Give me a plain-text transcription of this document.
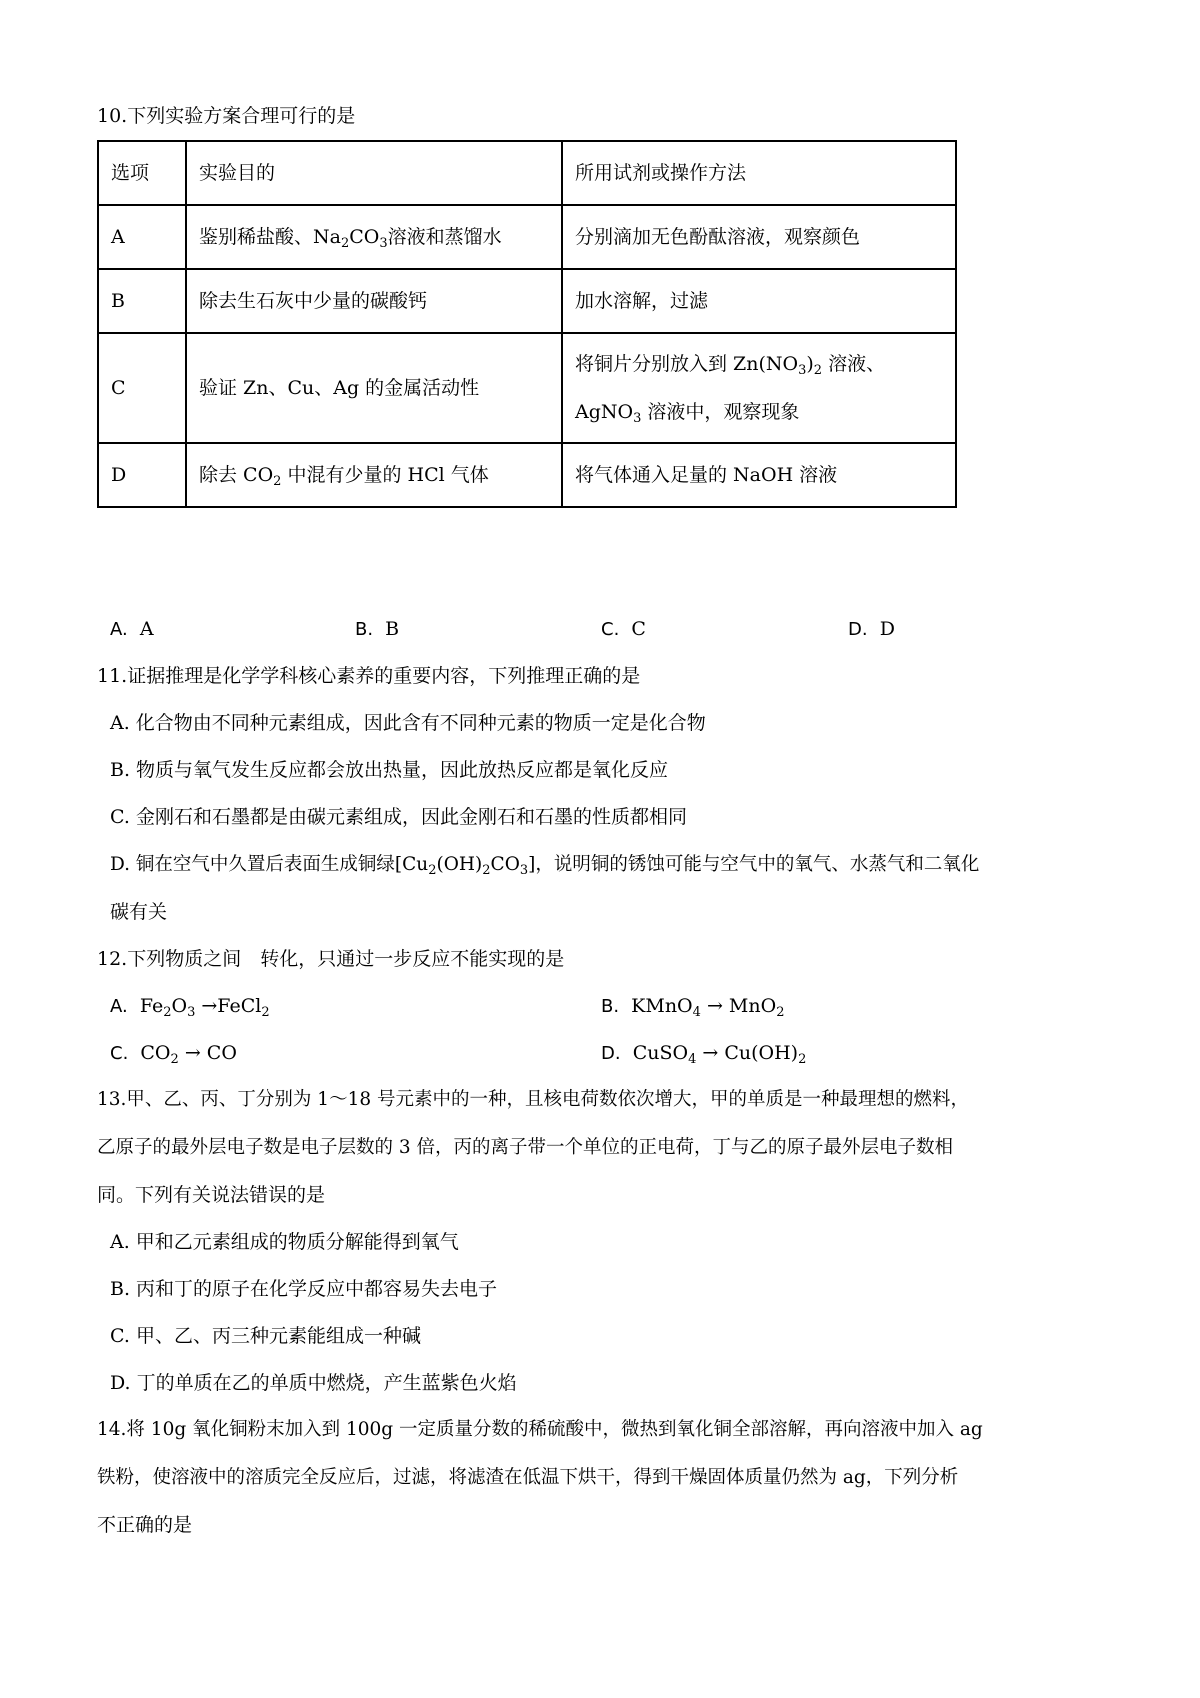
10.下列实验方案合理可行的是
选项	实验目的	所用试剂或操作方法
A	鉴别稀盐酸、$Na_2CO_3$溶液和蒸馏水	分别滴加无色酚酞溶液，观察颜色
B	除去生石灰中少量的碳酸钙	加水溶解，过滤
C	验证 Zn、Cu、Ag 的金属活动性	将铜片分别放入到 $Zn(NO_3)_2$ 溶液、
AgNO$_3$ 溶液中，观察现象

D	除去 $CO_2$ 中混有少量的 HCl 气体	将气体通入足量的 NaOH 溶液
A. A	B. B	C. C	D. D
11.证据推理是化学学科核心素养的重要内容，下列推理正确的是
A. 化合物由不同种元素组成，因此含有不同种元素的物质一定是化合物
B. 物质与氧气发生反应都会放出热量，因此放热反应都是氧化反应
C. 金刚石和石墨都是由碳元素组成，因此金刚石和石墨的性质都相同
D. 铜在空气中久置后表面生成铜绿$[Cu_2(OH)_2CO_3]$，说明铜的锈蚀可能与空气中的氧气、水蒸气和二氧化
碳有关
12.下列物质之间　转化，只通过一步反应不能实现的是
A. $Fe_2O_3$ →FeCl$_2$	B. KMnO$_4$ → MnO$_2$
C. $CO_2$ → CO	D. CuSO$_4$ → $Cu(OH)_2$
13.甲、乙、丙、丁分别为 1～18 号元素中的一种，且核电荷数依次增大，甲的单质是一种最理想的燃料，
乙原子的最外层电子数是电子层数的 3 倍，丙的离子带一个单位的正电荷，丁与乙的原子最外层电子数相
同。下列有关说法错误的是
A. 甲和乙元素组成的物质分解能得到氧气
B. 丙和丁的原子在化学反应中都容易失去电子
C. 甲、乙、丙三种元素能组成一种碱
D. 丁的单质在乙的单质中燃烧，产生蓝紫色火焰
14.将 10g 氧化铜粉末加入到 100g 一定质量分数的稀硫酸中，微热到氧化铜全部溶解，再向溶液中加入 ag
铁粉，使溶液中的溶质完全反应后，过滤，将滤渣在低温下烘干，得到干燥固体质量仍然为 ag，下列分析
不正确的是
